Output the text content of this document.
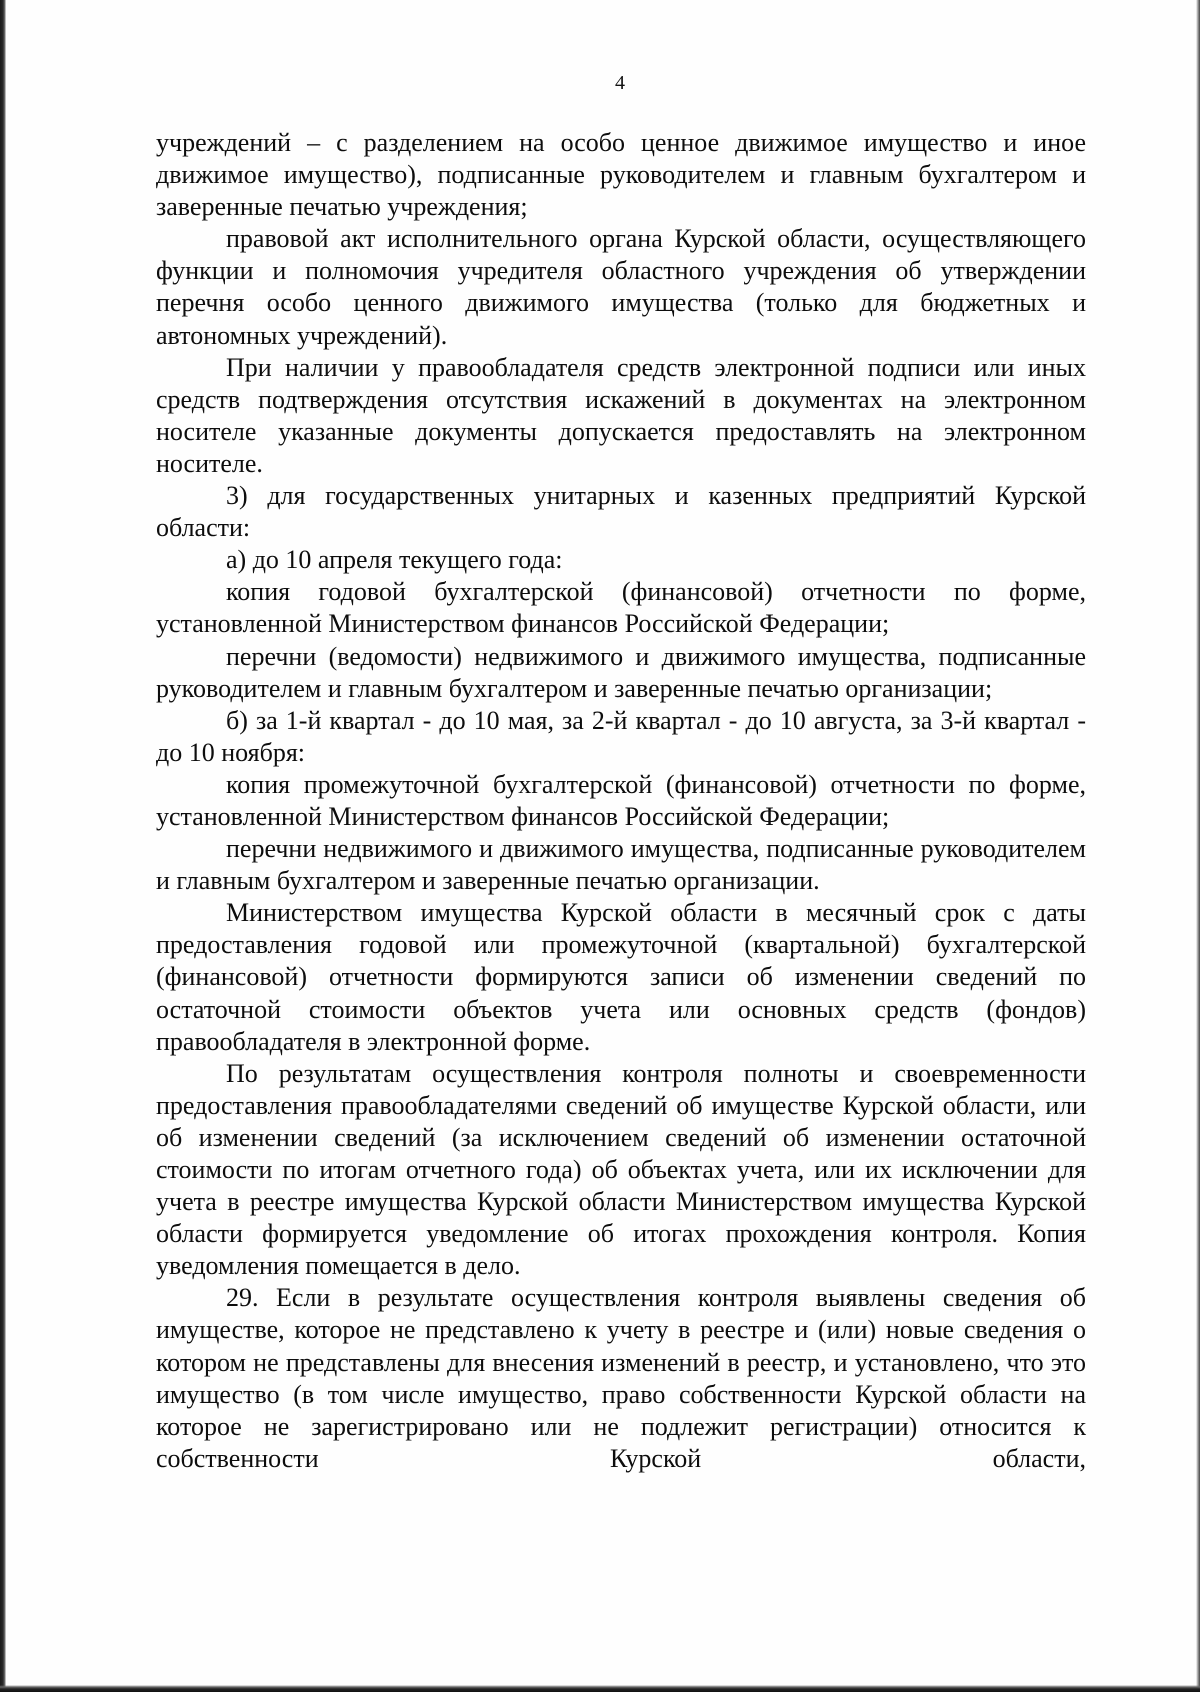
4

учреждений – с разделением на особо ценное движимое имущество и иное движимое имущество), подписанные руководителем и главным бухгалтером и заверенные печатью учреждения;

правовой акт исполнительного органа Курской области, осуществляющего функции и полномочия учредителя областного учреждения об утверждении перечня особо ценного движимого имущества (только для бюджетных и автономных учреждений).

При наличии у правообладателя средств электронной подписи или иных средств подтверждения отсутствия искажений в документах на электронном носителе указанные документы допускается предоставлять на электронном носителе.

3) для государственных унитарных и казенных предприятий Курской области:

а) до 10 апреля текущего года:

копия годовой бухгалтерской (финансовой) отчетности по форме, установленной Министерством финансов Российской Федерации;

перечни (ведомости) недвижимого и движимого имущества, подписанные руководителем и главным бухгалтером и заверенные печатью организации;

б) за 1-й квартал - до 10 мая, за 2-й квартал - до 10 августа, за 3-й квартал - до 10 ноября:

копия промежуточной бухгалтерской (финансовой) отчетности по форме, установленной Министерством финансов Российской Федерации;

перечни недвижимого и движимого имущества, подписанные руководителем и главным бухгалтером и заверенные печатью организации.

Министерством имущества Курской области в месячный срок с даты предоставления годовой или промежуточной (квартальной) бухгалтерской (финансовой) отчетности формируются записи об изменении сведений по остаточной стоимости объектов учета или основных средств (фондов) правообладателя в электронной форме.

По результатам осуществления контроля полноты и своевременности предоставления правообладателями сведений об имуществе Курской области, или об изменении сведений (за исключением сведений об изменении остаточной стоимости по итогам отчетного года) об объектах учета, или их исключении для учета в реестре имущества Курской области Министерством имущества Курской области формируется уведомление об итогах прохождения контроля. Копия уведомления помещается в дело.

29. Если в результате осуществления контроля выявлены сведения об имуществе, которое не представлено к учету в реестре и (или) новые сведения о котором не представлены для внесения изменений в реестр, и установлено, что это имущество (в том числе имущество, право собственности Курской области на которое не зарегистрировано или не подлежит регистрации) относится к собственности Курской области,
